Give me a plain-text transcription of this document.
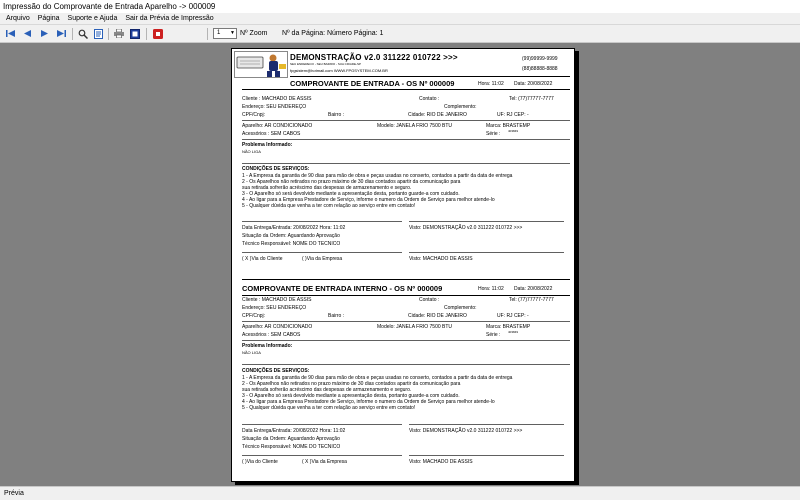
Impressão do Comprovante de Entrada Aparelho -> 000009
Arquivo Página Suporte e Ajuda Sair da Prévia de Impressão
1 ▼ Nº Zoom Nº da Página: Número Página: 1
DEMONSTRAÇÃO v2.0 311222 010722 >>>
SEU ENDERECO - SEU BAIRRO - SUA CIDADE-SP
fpgsistem@hotmail.com WWW.FPGSYSTEM.COM.BR
(99)99999-9999
(88)88888-8888
COMPROVANTE DE ENTRADA - OS Nº 000009	Hora: 11:02 Data: 20/08/2022
Cliente : MACHADO DE ASSIS	Contato :	Tel: (77)77777-7777
Endereço: SEU ENDEREÇO	Complemento:
CPF/Cnpj:	Bairro :	Cidade: RIO DE JANEIRO	UF: RJ CEP: -
Aparelho: AR CONDICIONADO	Modelo: JANELA FRIO 7500 BTU	Marca: BRASTEMP
Acessórios : SEM CABOS	Série :	403849
Problema Informado:
NÃO LIGA
CONDIÇÕES DE SERVIÇOS:
1 - A Empresa da garantia de 90 dias para mão de obra e peças usadas no conserto, contados a partir da data de entrega
2 - Os Aparelhos não retirados no prazo máximo de 30 dias contados apartir da comunicação para
sua retirada sofrerão acréscimo das despesas de armazenamento e seguro.
3 - O Aparelho só será devolvido mediante a apresentação desta, portanto guarde-a com cuidado.
4 - Ao ligar para a Empresa Prestadore de Serviço, informe o numero da Ordem de Serviço para melhor atende-lo
5 - Qualquer dúvida que venha a ter com relação ao serviço entre em contato!
Data Entrega/Entrada: 20/08/2022 Hora: 11:02	Visto: DEMONSTRAÇÃO v2.0 311222 010722 >>>
Situação da Ordem: Aguardando Aprovação
Técnico Responsável: NOME DO TECNICO
( X )Via do Cliente	( )Via da Empresa	Visto: MACHADO DE ASSIS
COMPROVANTE DE ENTRADA INTERNO - OS Nº 000009	Hora: 11:02 Data: 20/08/2022
Cliente : MACHADO DE ASSIS	Contato :	Tel: (77)77777-7777
Endereço: SEU ENDEREÇO	Complemento:
CPF/Cnpj:	Bairro :	Cidade: RIO DE JANEIRO	UF: RJ CEP: -
Aparelho: AR CONDICIONADO	Modelo: JANELA FRIO 7500 BTU	Marca: BRASTEMP
Acessórios : SEM CABOS	Série :	403849
Problema Informado:
NÃO LIGA
CONDIÇÕES DE SERVIÇOS:
1 - A Empresa da garantia de 90 dias para mão de obra e peças usadas no conserto, contados a partir da data de entrega
2 - Os Aparelhos não retirados no prazo máximo de 30 dias contados apartir da comunicação para
sua retirada sofrerão acréscimo das despesas de armazenamento e seguro.
3 - O Aparelho só será devolvido mediante a apresentação desta, portanto guarde-a com cuidado.
4 - Ao ligar para a Empresa Prestadore de Serviço, informe o numero da Ordem de Serviço para melhor atende-lo
5 - Qualquer dúvida que venha a ter com relação ao serviço entre em contato!
Data Entrega/Entrada: 20/08/2022 Hora: 11:02	Visto: DEMONSTRAÇÃO v2.0 311222 010722 >>>
Situação da Ordem: Aguardando Aprovação
Técnico Responsável: NOME DO TECNICO
( )Via do Cliente	( X )Via da Empresa	Visto: MACHADO DE ASSIS
Prévia
